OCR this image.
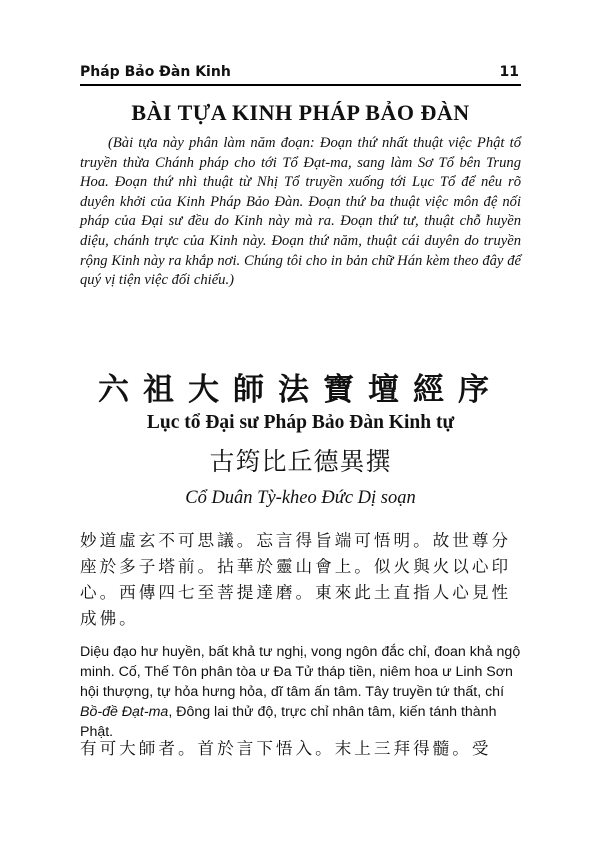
Pháp Bảo Đàn Kinh	11
BÀI TỰA KINH PHÁP BẢO ĐÀN
(Bài tựa này phân làm năm đoạn: Đoạn thứ nhất thuật việc Phật tổ truyền thừa Chánh pháp cho tới Tổ Đạt-ma, sang làm Sơ Tổ bên Trung Hoa. Đoạn thứ nhì thuật từ Nhị Tổ truyền xuống tới Lục Tổ để nêu rõ duyên khởi của Kinh Pháp Bảo Đàn. Đoạn thứ ba thuật việc môn đệ nối pháp của Đại sư đều do Kinh này mà ra. Đoạn thứ tư, thuật chỗ huyền diệu, chánh trực của Kinh này. Đoạn thứ năm, thuật cái duyên do truyền rộng Kinh này ra khắp nơi. Chúng tôi cho in bản chữ Hán kèm theo đây để quý vị tiện việc đối chiếu.)
六祖大師法寶壇經序
Lục tổ Đại sư Pháp Bảo Đàn Kinh tự
古筠比丘德異撰
Cổ Duân Tỳ-kheo Đức Dị soạn
妙道虛玄不可思議。忘言得旨端可悟明。故世尊分座於多子塔前。拈華於靈山會上。似火與火以心印心。西傳四七至菩提達磨。東來此土直指人心見性成佛。
Diệu đạo hư huyền, bất khả tư nghị, vong ngôn đắc chỉ, đoan khả ngộ minh. Cố, Thế Tôn phân tòa ư Đa Tử tháp tiền, niêm hoa ư Linh Sơn hội thượng, tự hỏa hưng hỏa, dĩ tâm ấn tâm. Tây truyền tứ thất, chí Bồ-đề Đạt-ma, Đông lai thử độ, trực chỉ nhân tâm, kiến tánh thành Phật.
有可大師者。首於言下悟入。末上三拜得髓。受
